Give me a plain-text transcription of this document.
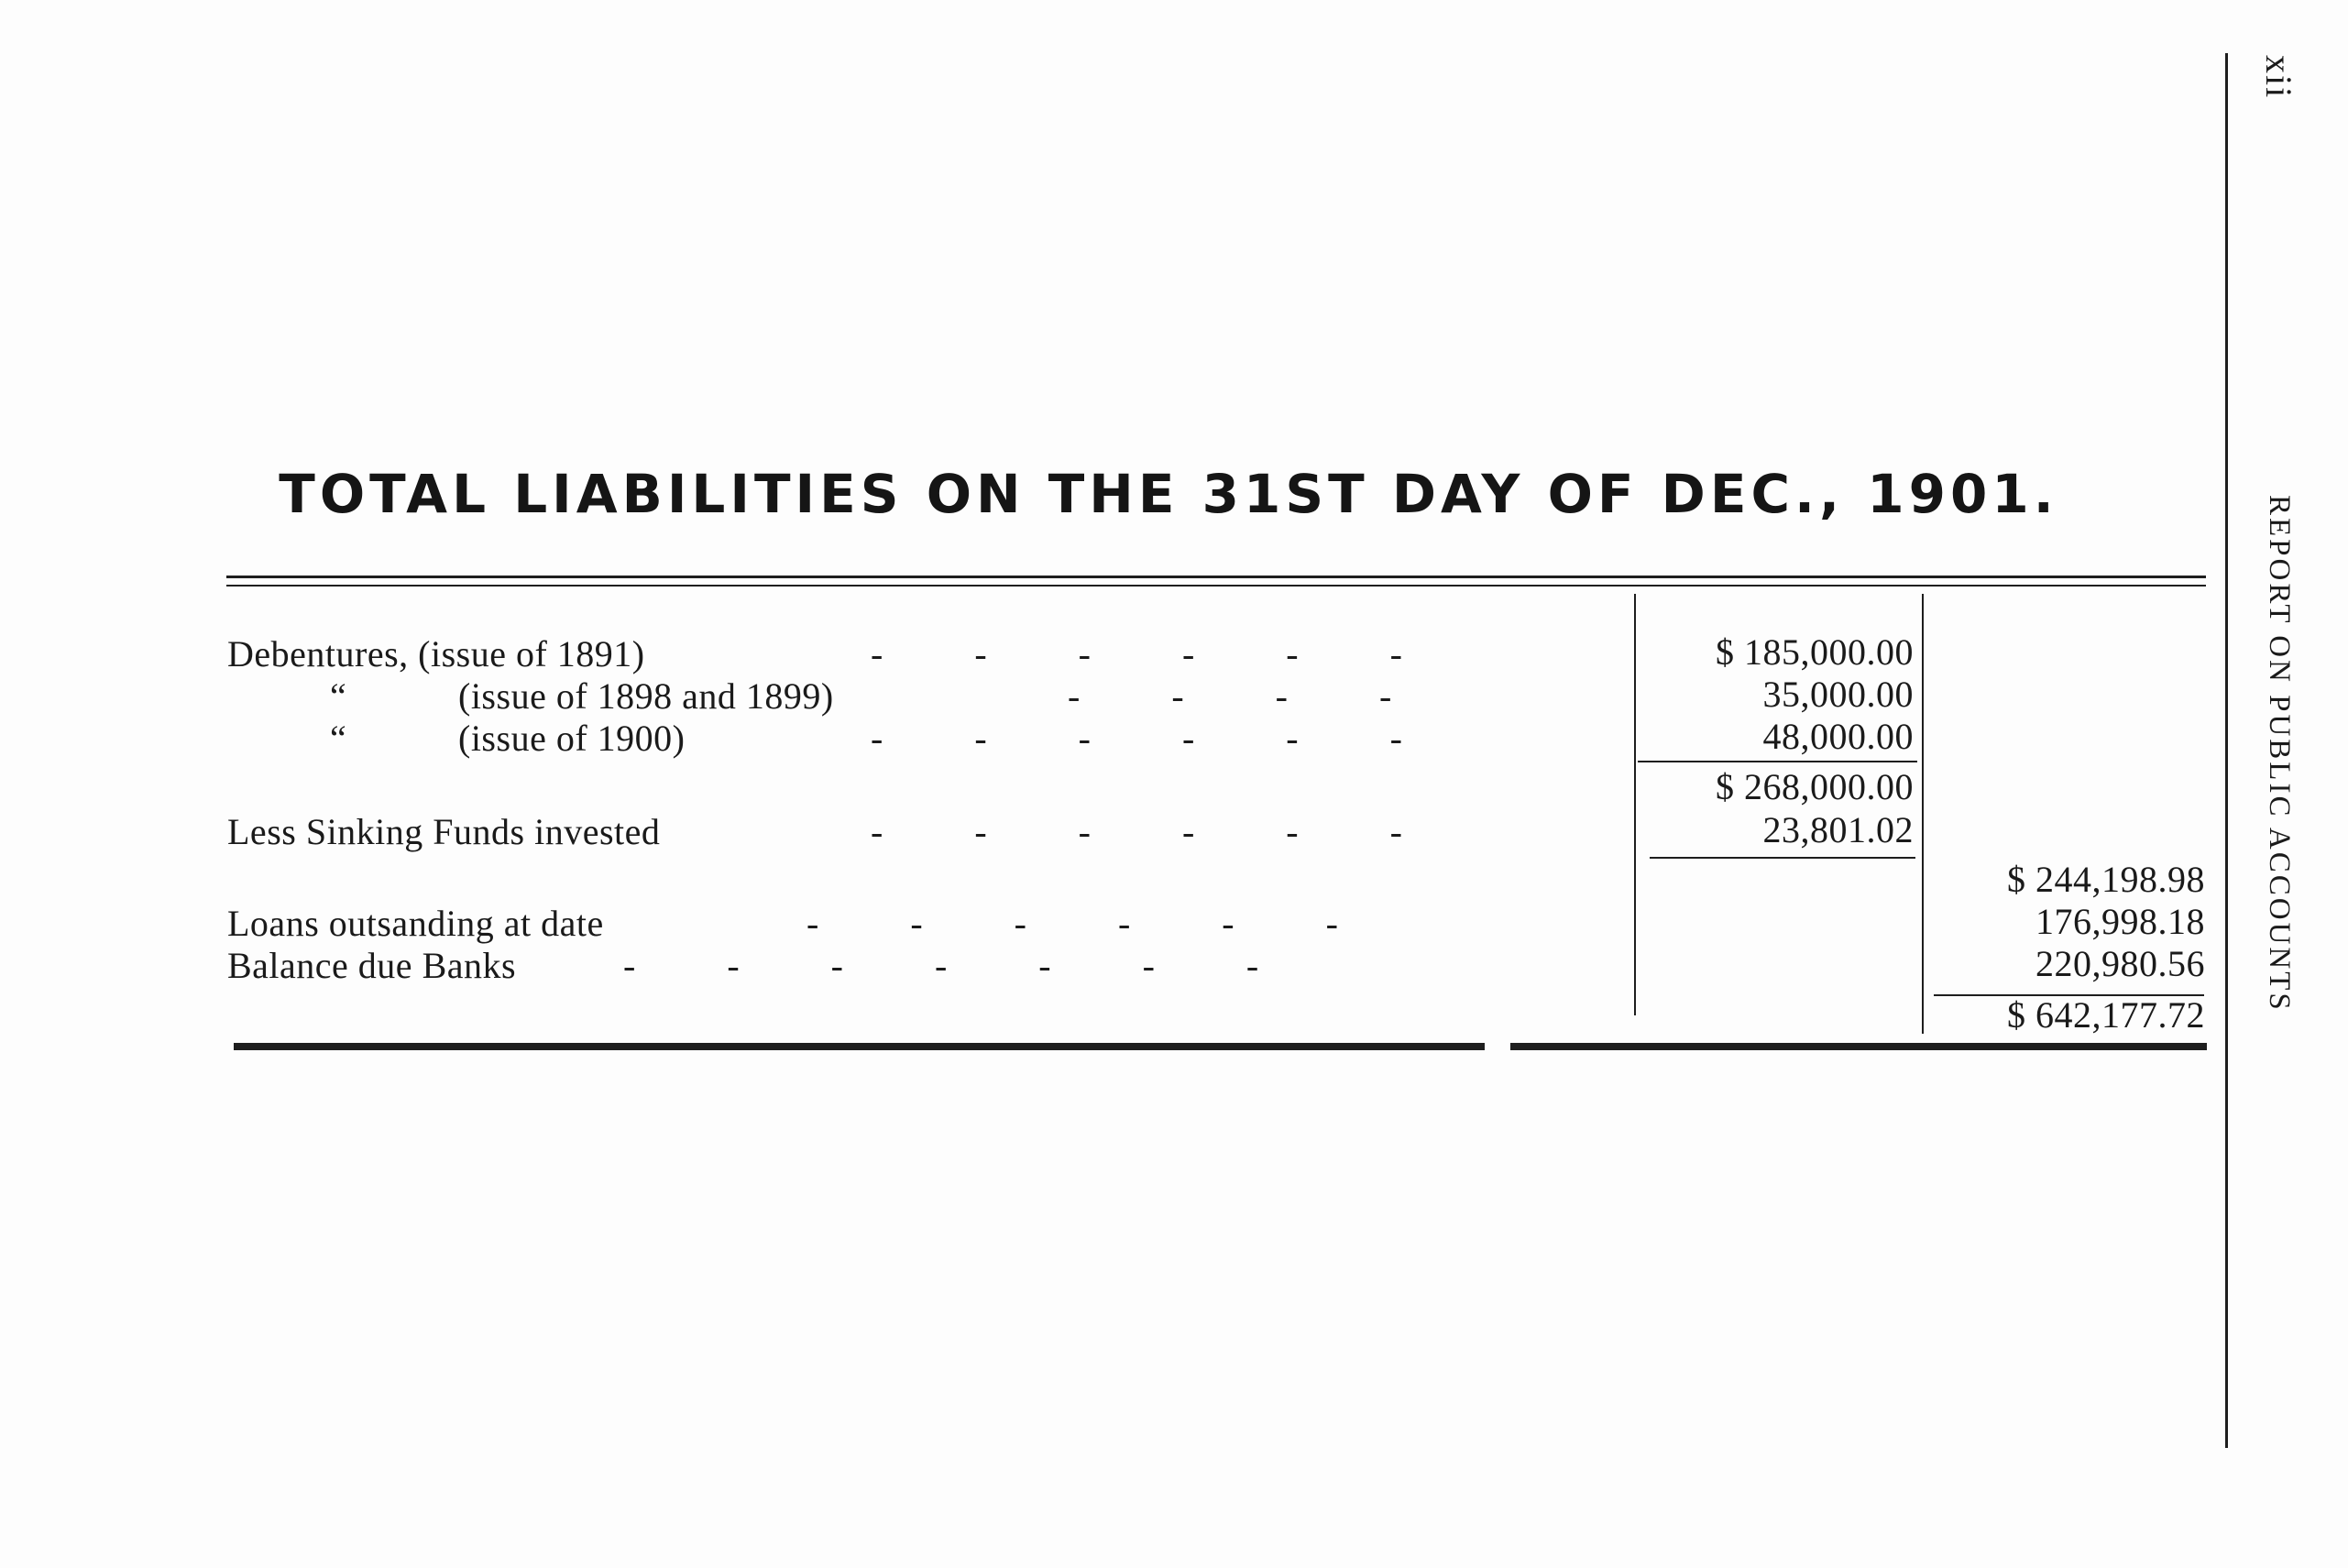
xii
REPORT ON PUBLIC ACCOUNTS
TOTAL LIABILITIES ON THE 31ST DAY OF DEC., 1901.
Debentures, (issue of 1891)	-          -          -          -          -          -	$ 185,000.00
“	(issue of 1898 and 1899)	-          -          -          -	35,000.00
“	(issue of 1900)	-          -          -          -          -          -	48,000.00
$ 268,000.00
Less Sinking Funds invested	-          -          -          -          -          -	23,801.02
$ 244,198.98
Loans outsanding at date	-          -          -          -          -          -	176,998.18
Balance due Banks	-          -          -          -          -          -          -	220,980.56
$ 642,177.72
